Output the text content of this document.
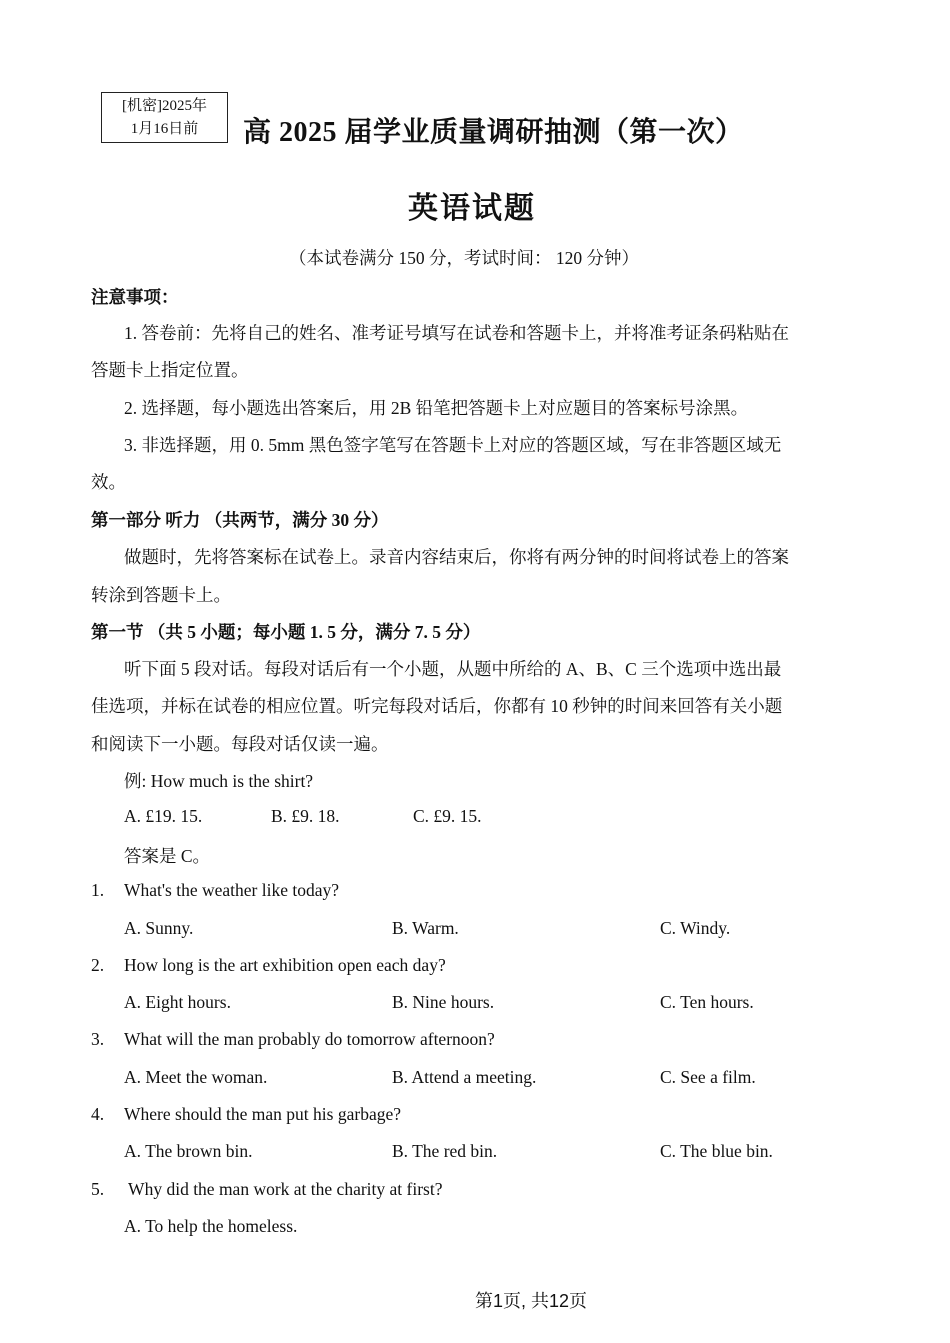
[机密]2025年
1月16日前	高 2025 届学业质量调研抽测（第一次）
英语试题
（本试卷满分 150 分，考试时间： 120 分钟）
注意事项：
1. 答卷前：先将自己的姓名、准考证号填写在试卷和答题卡上，并将准考证条码粘贴在
答题卡上指定位置。
2. 选择题，每小题选出答案后，用 2B 铅笔把答题卡上对应题目的答案标号涂黑。
3. 非选择题，用 0. 5mm 黑色签字笔写在答题卡上对应的答题区域，写在非答题区域无
效。
第一部分 听力 （共两节，满分 30 分）
做题时，先将答案标在试卷上。录音内容结束后，你将有两分钟的时间将试卷上的答案
转涂到答题卡上。
第一节 （共 5 小题；每小题 1. 5 分，满分 7. 5 分）
听下面 5 段对话。每段对话后有一个小题，从题中所给的 A、B、C 三个选项中选出最
佳选项，并标在试卷的相应位置。听完每段对话后，你都有 10 秒钟的时间来回答有关小题
和阅读下一小题。每段对话仅读一遍。
例: How much is the shirt?
A. £19. 15.	B. £9. 18.	C. £9. 15.
答案是 C。
1. What's the weather like today?
A. Sunny.	B. Warm.	C. Windy.
2. How long is the art exhibition open each day?
A. Eight hours.	B. Nine hours.	C. Ten hours.
3. What will the man probably do tomorrow afternoon?
A. Meet the woman.	B. Attend a meeting.	C. See a film.
4. Where should the man put his garbage?
A. The brown bin.	B. The red bin.	C. The blue bin.
5. Why did the man work at the charity at first?
A. To help the homeless.
第1页, 共12页
